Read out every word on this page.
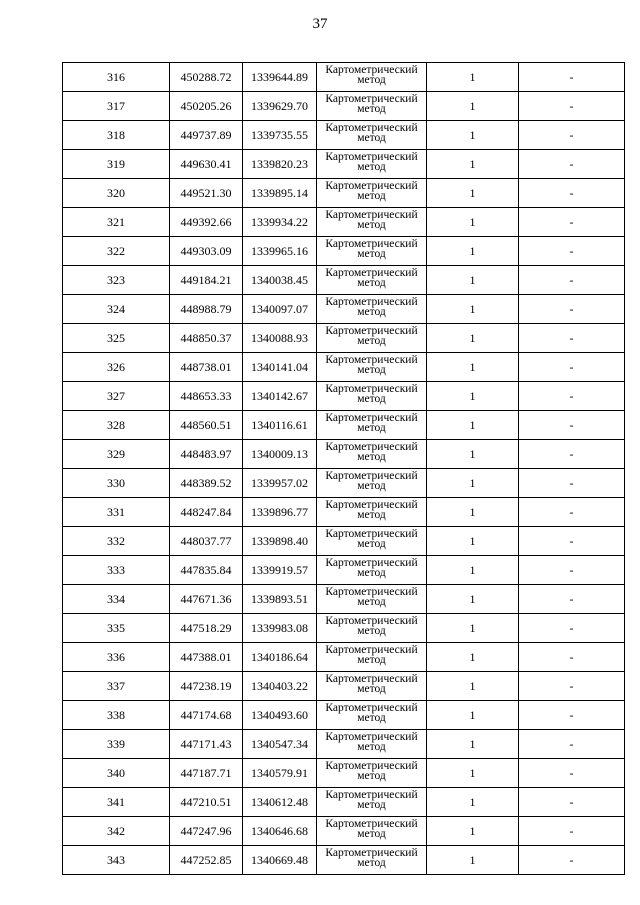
37
316	450288.72	1339644.89	Картометрический метод	1	-
317	450205.26	1339629.70	Картометрический метод	1	-
318	449737.89	1339735.55	Картометрический метод	1	-
319	449630.41	1339820.23	Картометрический метод	1	-
320	449521.30	1339895.14	Картометрический метод	1	-
321	449392.66	1339934.22	Картометрический метод	1	-
322	449303.09	1339965.16	Картометрический метод	1	-
323	449184.21	1340038.45	Картометрический метод	1	-
324	448988.79	1340097.07	Картометрический метод	1	-
325	448850.37	1340088.93	Картометрический метод	1	-
326	448738.01	1340141.04	Картометрический метод	1	-
327	448653.33	1340142.67	Картометрический метод	1	-
328	448560.51	1340116.61	Картометрический метод	1	-
329	448483.97	1340009.13	Картометрический метод	1	-
330	448389.52	1339957.02	Картометрический метод	1	-
331	448247.84	1339896.77	Картометрический метод	1	-
332	448037.77	1339898.40	Картометрический метод	1	-
333	447835.84	1339919.57	Картометрический метод	1	-
334	447671.36	1339893.51	Картометрический метод	1	-
335	447518.29	1339983.08	Картометрический метод	1	-
336	447388.01	1340186.64	Картометрический метод	1	-
337	447238.19	1340403.22	Картометрический метод	1	-
338	447174.68	1340493.60	Картометрический метод	1	-
339	447171.43	1340547.34	Картометрический метод	1	-
340	447187.71	1340579.91	Картометрический метод	1	-
341	447210.51	1340612.48	Картометрический метод	1	-
342	447247.96	1340646.68	Картометрический метод	1	-
343	447252.85	1340669.48	Картометрический метод	1	-
